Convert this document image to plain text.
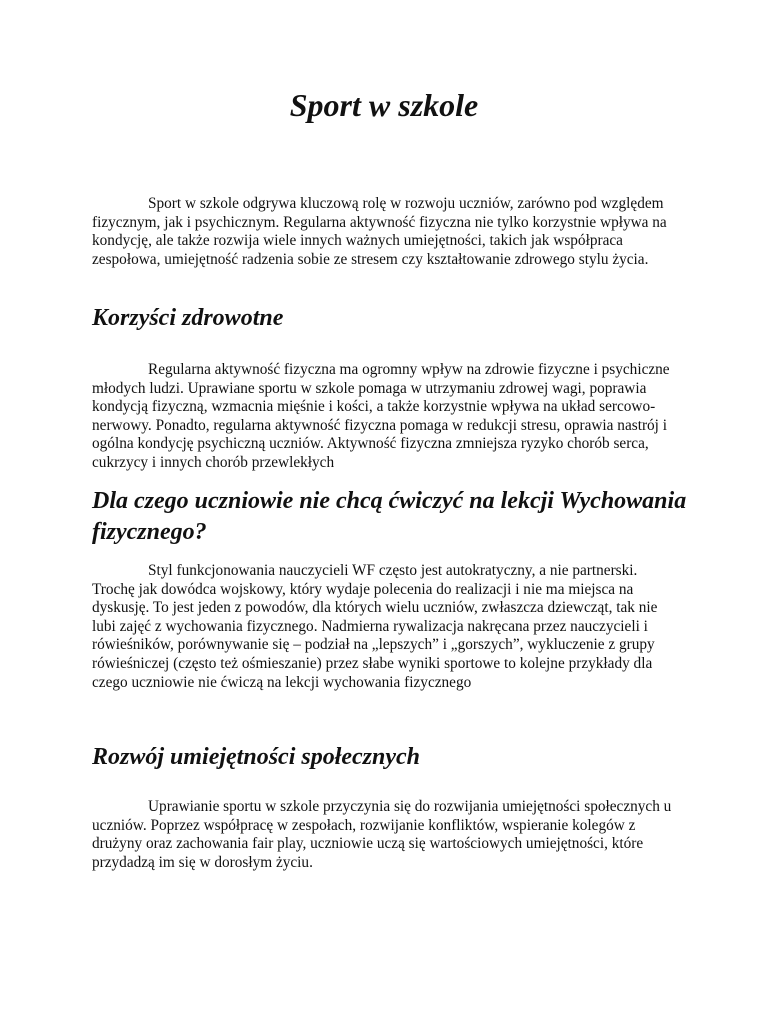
Sport w szkole

Sport w szkole odgrywa kluczową rolę w rozwoju uczniów, zarówno pod względem fizycznym, jak i psychicznym. Regularna aktywność fizyczna nie tylko korzystnie wpływa na kondycję, ale także rozwija wiele innych ważnych umiejętności, takich jak współpraca zespołowa, umiejętność radzenia sobie ze stresem czy kształtowanie zdrowego stylu życia.

Korzyści zdrowotne

Regularna aktywność fizyczna ma ogromny wpływ na zdrowie fizyczne i psychiczne młodych ludzi. Uprawiane sportu w szkole pomaga w utrzymaniu zdrowej wagi, poprawia kondycją fizyczną, wzmacnia mięśnie i kości, a także korzystnie wpływa na układ sercowo-nerwowy. Ponadto, regularna aktywność fizyczna pomaga w redukcji stresu, oprawia nastrój i ogólna kondycję psychiczną uczniów. Aktywność fizyczna zmniejsza ryzyko chorób serca, cukrzycy i innych chorób przewlekłych

Dla czego uczniowie nie chcą ćwiczyć na lekcji Wychowania fizycznego?

Styl funkcjonowania nauczycieli WF często jest autokratyczny, a nie partnerski. Trochę jak dowódca wojskowy, który wydaje polecenia do realizacji i nie ma miejsca na dyskusję. To jest jeden z powodów, dla których wielu uczniów, zwłaszcza dziewcząt, tak nie lubi zajęć z wychowania fizycznego. Nadmierna rywalizacja nakręcana przez nauczycieli i rówieśników, porównywanie się – podział na „lepszych” i „gorszych”, wykluczenie z grupy rówieśniczej (często też ośmieszanie) przez słabe wyniki sportowe to kolejne przykłady dla czego uczniowie nie ćwiczą na lekcji wychowania fizycznego

Rozwój umiejętności społecznych

Uprawianie sportu w szkole przyczynia się do rozwijania umiejętności społecznych u uczniów. Poprzez współpracę w zespołach, rozwijanie konfliktów, wspieranie kolegów z drużyny oraz zachowania fair play, uczniowie uczą się wartościowych umiejętności, które przydadzą im się w dorosłym życiu.
